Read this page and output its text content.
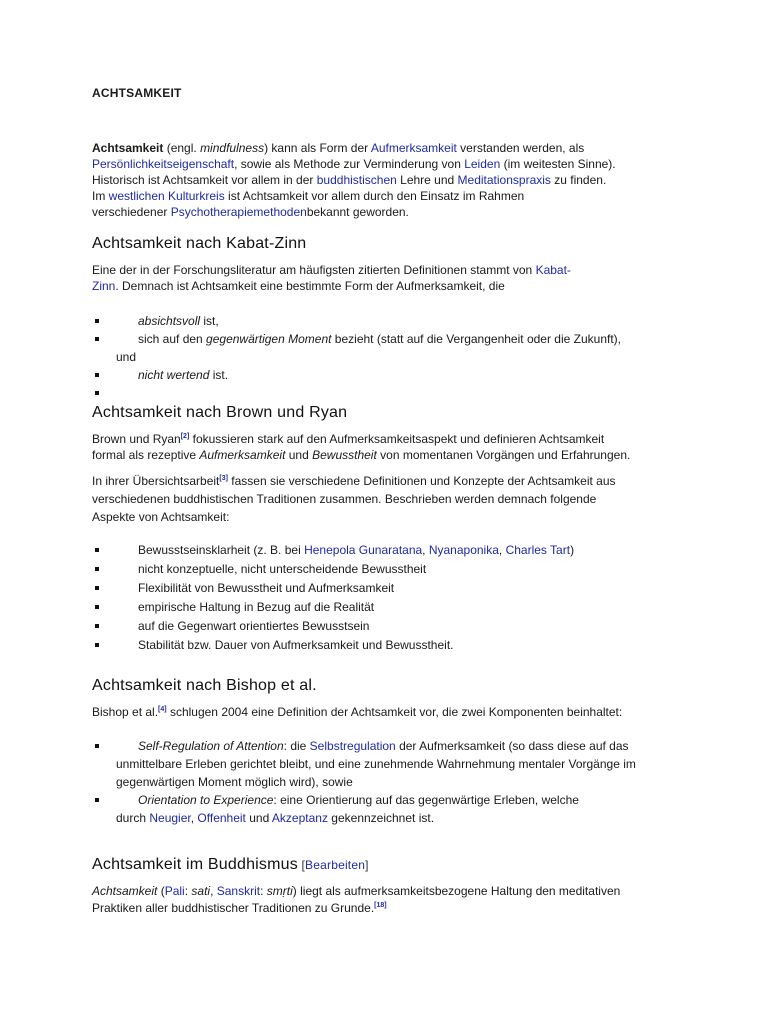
ACHTSAMKEIT
Achtsamkeit (engl. mindfulness) kann als Form der Aufmerksamkeit verstanden werden, als
Persönlichkeitseigenschaft, sowie als Methode zur Verminderung von Leiden (im weitesten Sinne).
Historisch ist Achtsamkeit vor allem in der buddhistischen Lehre und Meditationspraxis zu finden.
Im westlichen Kulturkreis ist Achtsamkeit vor allem durch den Einsatz im Rahmen
verschiedener Psychotherapiemethodenbekannt geworden.
Achtsamkeit nach Kabat-Zinn
Eine der in der Forschungsliteratur am häufigsten zitierten Definitionen stammt von Kabat-
Zinn. Demnach ist Achtsamkeit eine bestimmte Form der Aufmerksamkeit, die
absichtsvoll ist,
sich auf den gegenwärtigen Moment bezieht (statt auf die Vergangenheit oder die Zukunft),
und
nicht wertend ist.
Achtsamkeit nach Brown und Ryan
Brown und Ryan[2] fokussieren stark auf den Aufmerksamkeitsaspekt und definieren Achtsamkeit
formal als rezeptive Aufmerksamkeit und Bewusstheit von momentanen Vorgängen und Erfahrungen.
In ihrer Übersichtsarbeit[3] fassen sie verschiedene Definitionen und Konzepte der Achtsamkeit aus
verschiedenen buddhistischen Traditionen zusammen. Beschrieben werden demnach folgende
Aspekte von Achtsamkeit:
Bewusstseinsklarheit (z. B. bei Henepola Gunaratana, Nyanaponika, Charles Tart)
nicht konzeptuelle, nicht unterscheidende Bewusstheit
Flexibilität von Bewusstheit und Aufmerksamkeit
empirische Haltung in Bezug auf die Realität
auf die Gegenwart orientiertes Bewusstsein
Stabilität bzw. Dauer von Aufmerksamkeit und Bewusstheit.
Achtsamkeit nach Bishop et al.
Bishop et al.[4] schlugen 2004 eine Definition der Achtsamkeit vor, die zwei Komponenten beinhaltet:
Self-Regulation of Attention: die Selbstregulation der Aufmerksamkeit (so dass diese auf das
unmittelbare Erleben gerichtet bleibt, und eine zunehmende Wahrnehmung mentaler Vorgänge im
gegenwärtigen Moment möglich wird), sowie
Orientation to Experience: eine Orientierung auf das gegenwärtige Erleben, welche
durch Neugier, Offenheit und Akzeptanz gekennzeichnet ist.
Achtsamkeit im Buddhismus [Bearbeiten]
Achtsamkeit (Pali: sati, Sanskrit: smṛti) liegt als aufmerksamkeitsbezogene Haltung den meditativen
Praktiken aller buddhistischer Traditionen zu Grunde.[18]
